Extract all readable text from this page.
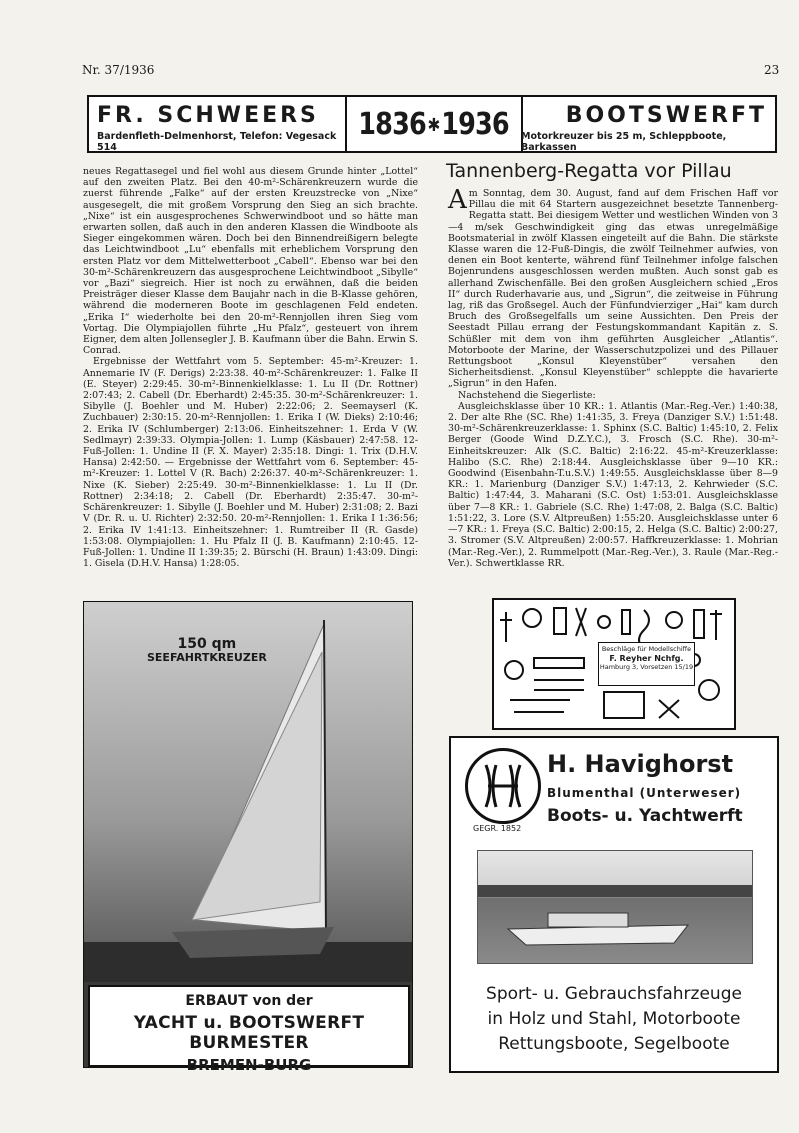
Nr. 37/1936	23
FR. SCHWEERS
Bardenfleth-Delmenhorst, Telefon: Vegesack 514
1836✱1936	BOOTSWERFT
Motorkreuzer bis 25 m, Schleppboote, Barkassen

neues Regattasegel und fiel wohl aus diesem Grunde hinter „Lottel“ auf den zweiten Platz. Bei den 40-m²-Schärenkreuzern wurde die zuerst führende „Falke“ auf der ersten Kreuzstrecke von „Nixe“ ausgesegelt, die mit großem Vorsprung den Sieg an sich brachte. „Nixe“ ist ein ausgesprochenes Schwerwindboot und so hätte man erwarten sollen, daß auch in den anderen Klassen die Windboote als Sieger eingekommen wären. Doch bei den Binnendreißigern belegte das Leichtwindboot „Lu“ ebenfalls mit erheblichem Vorsprung den ersten Platz vor dem Mittelwetterboot „Cabell“. Ebenso war bei den 30-m²-Schärenkreuzern das ausgesprochene Leichtwindboot „Sibylle“ vor „Bazi“ siegreich. Hier ist noch zu erwähnen, daß die beiden Preisträger dieser Klasse dem Baujahr nach in die B-Klasse gehören, während die moderneren Boote im geschlagenen Feld endeten. „Erika I“ wiederholte bei den 20-m²-Rennjollen ihren Sieg vom Vortag. Die Olympiajollen führte „Hu Pfalz“, gesteuert von ihrem Eigner, dem alten Jollensegler J. B. Kaufmann über die Bahn. Erwin S. Conrad.

Ergebnisse der Wettfahrt vom 5. September: 45-m²-Kreuzer: 1. Annemarie IV (F. Derigs) 2:23:38. 40-m²-Schärenkreuzer: 1. Falke II (E. Steyer) 2:29:45. 30-m²-Binnenkielklasse: 1. Lu II (Dr. Rottner) 2:07:43; 2. Cabell (Dr. Eberhardt) 2:45:35. 30-m²-Schärenkreuzer: 1. Sibylle (J. Boehler und M. Huber) 2:22:06; 2. Seemayserl (K. Zuchbauer) 2:30:15. 20-m²-Rennjollen: 1. Erika I (W. Dieks) 2:10:46; 2. Erika IV (Schlumberger) 2:13:06. Einheitszehner: 1. Erda V (W. Sedlmayr) 2:39:33. Olympia-Jollen: 1. Lump (Käsbauer) 2:47:58. 12-Fuß-Jollen: 1. Undine II (F. X. Mayer) 2:35:18. Dingi: 1. Trix (D.H.V. Hansa) 2:42:50. — Ergebnisse der Wettfahrt vom 6. September: 45-m²-Kreuzer: 1. Lottel V (R. Bach) 2:26:37. 40-m²-Schärenkreuzer: 1. Nixe (K. Sieber) 2:25:49. 30-m²-Binnenkielklasse: 1. Lu II (Dr. Rottner) 2:34:18; 2. Cabell (Dr. Eberhardt) 2:35:47. 30-m²-Schärenkreuzer: 1. Sibylle (J. Boehler und M. Huber) 2:31:08; 2. Bazi V (Dr. R. u. U. Richter) 2:32:50. 20-m²-Rennjollen: 1. Erika I 1:36:56; 2. Erika IV 1:41:13. Einheitszehner: 1. Rumtreiber II (R. Gasde) 1:53:08. Olympiajollen: 1. Hu Pfalz II (J. B. Kaufmann) 2:10:45. 12-Fuß-Jollen: 1. Undine II 1:39:35; 2. Bürschi (H. Braun) 1:43:09. Dingi: 1. Gisela (D.H.V. Hansa) 1:28:05.

Tannenberg-Regatta vor Pillau

Am Sonntag, dem 30. August, fand auf dem Frischen Haff vor Pillau die mit 64 Startern ausgezeichnet besetzte Tannenberg-Regatta statt. Bei diesigem Wetter und westlichen Winden von 3—4 m/sek Geschwindigkeit ging das etwas unregelmäßige Bootsmaterial in zwölf Klassen eingeteilt auf die Bahn. Die stärkste Klasse waren die 12-Fuß-Dingis, die zwölf Teilnehmer aufwies, von denen ein Boot kenterte, während fünf Teilnehmer infolge falschen Bojenrundens ausgeschlossen werden mußten. Auch sonst gab es allerhand Zwischenfälle. Bei den großen Ausgleichern schied „Eros II“ durch Ruderhavarie aus, und „Sigrun“, die zeitweise in Führung lag, riß das Großsegel. Auch der Fünfundvierziger „Hai“ kam durch Bruch des Großsegelfalls um seine Aussichten. Den Preis der Seestadt Pillau errang der Festungskommandant Kapitän z. S. Schüßler mit dem von ihm geführten Ausgleicher „Atlantis“. Motorboote der Marine, der Wasserschutzpolizei und des Pillauer Rettungsboot „Konsul Kleyenstüber“ versahen den Sicherheitsdienst. „Konsul Kleyenstüber“ schleppte die havarierte „Sigrun“ in den Hafen.

Nachstehend die Siegerliste:

Ausgleichsklasse über 10 KR.: 1. Atlantis (Mar.-Reg.-Ver.) 1:40:38, 2. Der alte Rhe (SC. Rhe) 1:41:35, 3. Freya (Danziger S.V.) 1:51:48. 30-m²-Schärenkreuzerklasse: 1. Sphinx (S.C. Baltic) 1:45:10, 2. Felix Berger (Goode Wind D.Z.Y.C.), 3. Frosch (S.C. Rhe). 30-m²-Einheitskreuzer: Alk (S.C. Baltic) 2:16:22. 45-m²-Kreuzerklasse: Halibo (S.C. Rhe) 2:18:44. Ausgleichsklasse über 9—10 KR.: Goodwind (Eisenbahn-T.u.S.V.) 1:49:55. Ausgleichsklasse über 8—9 KR.: 1. Marienburg (Danziger S.V.) 1:47:13, 2. Kehrwieder (S.C. Baltic) 1:47:44, 3. Maharani (S.C. Ost) 1:53:01. Ausgleichsklasse über 7—8 KR.: 1. Gabriele (S.C. Rhe) 1:47:08, 2. Balga (S.C. Baltic) 1:51:22, 3. Lore (S.V. Altpreußen) 1:55:20. Ausgleichsklasse unter 6—7 KR.: 1. Freya (S.C. Baltic) 2:00:15, 2. Helga (S.C. Baltic) 2:00:27, 3. Stromer (S.V. Altpreußen) 2:00:57. Haffkreuzerklasse: 1. Mohrian (Mar.-Reg.-Ver.), 2. Rummelpott (Mar.-Reg.-Ver.), 3. Raule (Mar.-Reg.-Ver.). Schwertklasse RR.

150 qm
SEEFAHRTKREUZER
ERBAUT von der
YACHT u. BOOTSWERFT BURMESTER
BREMEN-BURG
Beschläge für Modellschiffe
F. Reyher Nchfg.
Hamburg 3, Vorsetzen 15/19
GEGR. 1852
H. Havighorst
Blumenthal (Unterweser)
Boots- u. Yachtwerft
Sport- u. Gebrauchsfahrzeuge
in Holz und Stahl, Motorboote
Rettungsboote, Segelboote
